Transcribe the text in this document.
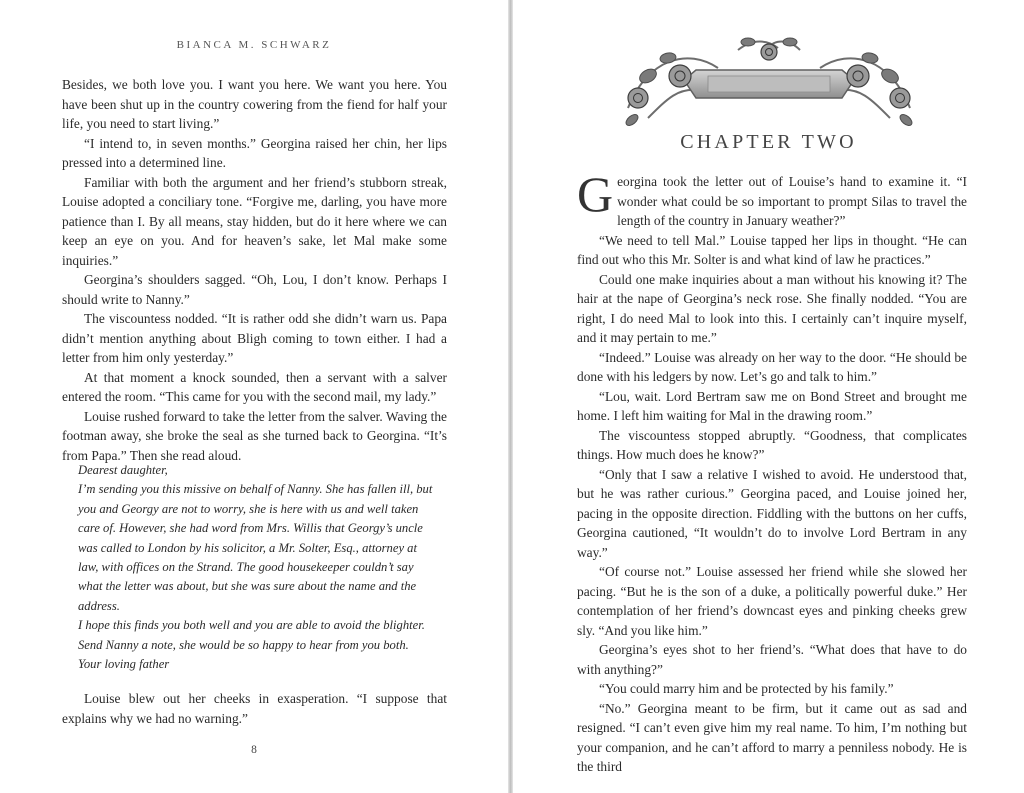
BIANCA M. SCHWARZ

Besides, we both love you. I want you here. We want you here. You have been shut up in the country cowering from the fiend for half your life, you need to start living.”

“I intend to, in seven months.” Georgina raised her chin, her lips pressed into a determined line.

Familiar with both the argument and her friend’s stubborn streak, Louise adopted a conciliary tone. “Forgive me, darling, you have more patience than I. By all means, stay hidden, but do it here where we can keep an eye on you. And for heaven’s sake, let Mal make some inquiries.”

Georgina’s shoulders sagged. “Oh, Lou, I don’t know. Perhaps I should write to Nanny.”

The viscountess nodded. “It is rather odd she didn’t warn us. Papa didn’t mention anything about Bligh coming to town either. I had a letter from him only yesterday.”

At that moment a knock sounded, then a servant with a salver entered the room. “This came for you with the second mail, my lady.”

Louise rushed forward to take the letter from the salver. Waving the footman away, she broke the seal as she turned back to Georgina. “It’s from Papa.” Then she read aloud.

Dearest daughter,

I’m sending you this missive on behalf of Nanny. She has fallen ill, but you and Georgy are not to worry, she is here with us and well taken care of. However, she had word from Mrs. Willis that Georgy’s uncle was called to London by his solicitor, a Mr. Solter, Esq., attorney at law, with offices on the Strand. The good housekeeper couldn’t say what the letter was about, but she was sure about the name and the address.

I hope this finds you both well and you are able to avoid the blighter. Send Nanny a note, she would be so happy to hear from you both.

Your loving father

Louise blew out her cheeks in exasperation. “I suppose that explains why we had no warning.”

8
CHAPTER TWO

Georgina took the letter out of Louise’s hand to examine it. “I wonder what could be so important to prompt Silas to travel the length of the country in January weather?”

“We need to tell Mal.” Louise tapped her lips in thought. “He can find out who this Mr. Solter is and what kind of law he practices.”

Could one make inquiries about a man without his knowing it? The hair at the nape of Georgina’s neck rose. She finally nodded. “You are right, I do need Mal to look into this. I certainly can’t inquire myself, and it may pertain to me.”

“Indeed.” Louise was already on her way to the door. “He should be done with his ledgers by now. Let’s go and talk to him.”

“Lou, wait. Lord Bertram saw me on Bond Street and brought me home. I left him waiting for Mal in the drawing room.”

The viscountess stopped abruptly. “Goodness, that complicates things. How much does he know?”

“Only that I saw a relative I wished to avoid. He understood that, but he was rather curious.” Georgina paced, and Louise joined her, pacing in the opposite direction. Fiddling with the buttons on her cuffs, Georgina cautioned, “It wouldn’t do to involve Lord Bertram in any way.”

“Of course not.” Louise assessed her friend while she slowed her pacing. “But he is the son of a duke, a politically powerful duke.” Her contemplation of her friend’s downcast eyes and pinking cheeks grew sly. “And you like him.”

Georgina’s eyes shot to her friend’s. “What does that have to do with anything?”

“You could marry him and be protected by his family.”

“No.” Georgina meant to be firm, but it came out as sad and resigned. “I can’t even give him my real name. To him, I’m nothing but your companion, and he can’t afford to marry a penniless nobody. He is the third
